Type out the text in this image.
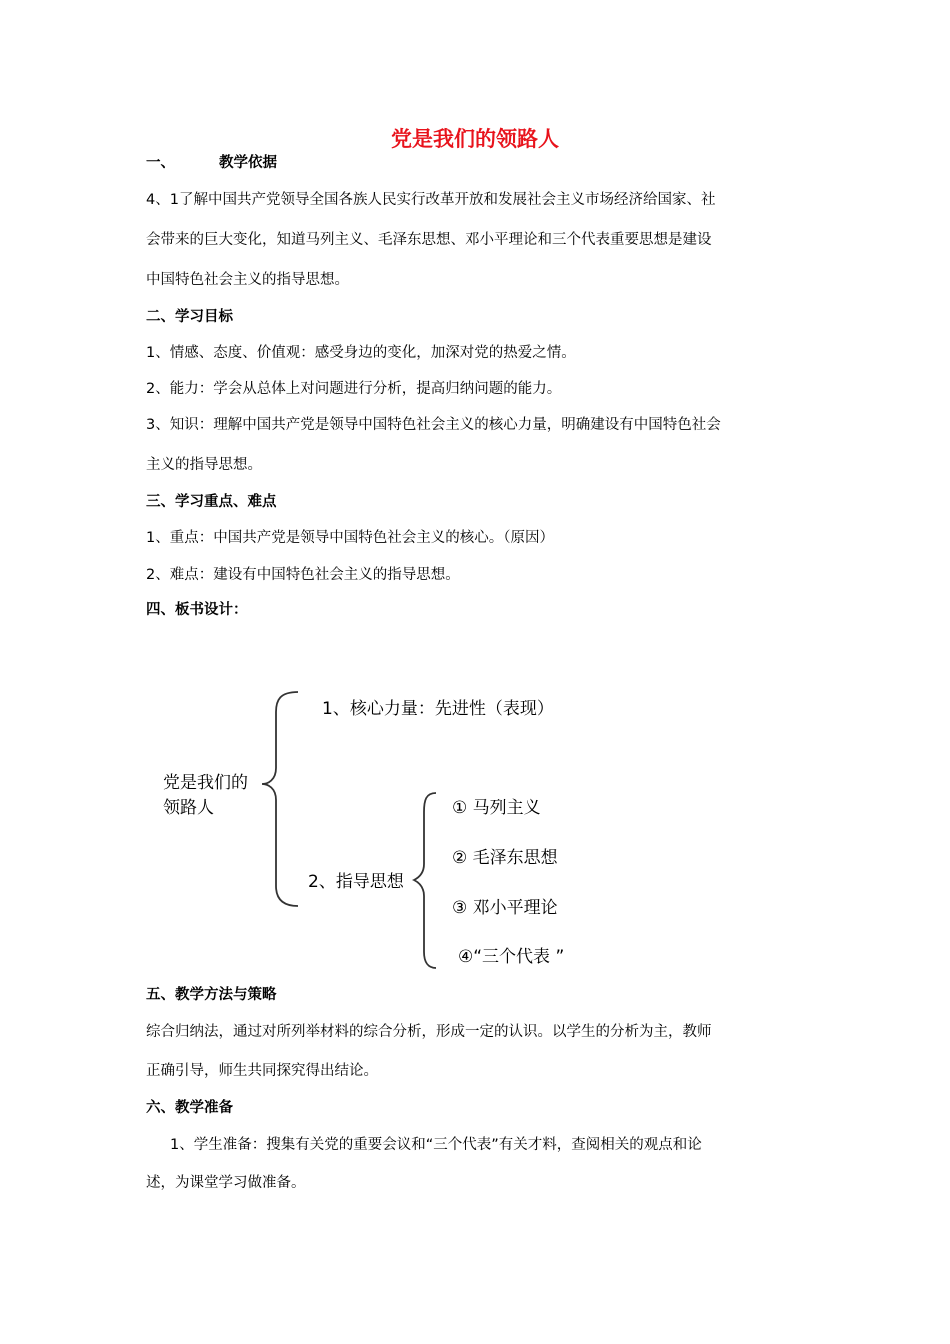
党是我们的领路人
一、	教学依据
4、1了解中国共产党领导全国各族人民实行改革开放和发展社会主义市场经济给国家、社
会带来的巨大变化，知道马列主义、毛泽东思想、邓小平理论和三个代表重要思想是建设
中国特色社会主义的指导思想。
二、学习目标
1、情感、态度、价值观：感受身边的变化，加深对党的热爱之情。
2、能力：学会从总体上对问题进行分析，提高归纳问题的能力。
3、知识：理解中国共产党是领导中国特色社会主义的核心力量，明确建设有中国特色社会
主义的指导思想。
三、学习重点、难点
1、重点：中国共产党是领导中国特色社会主义的核心。（原因）
2、难点：建设有中国特色社会主义的指导思想。
四、板书设计：
党是我们的
领路人
1、核心力量：先进性（表现）
2、指导思想
① 马列主义
② 毛泽东思想
③ 邓小平理论
④“三个代表 ”
五、教学方法与策略
综合归纳法，通过对所列举材料的综合分析，形成一定的认识。以学生的分析为主，教师
正确引导，师生共同探究得出结论。
六、教学准备
1、学生准备：搜集有关党的重要会议和“三个代表”有关才料，查阅相关的观点和论
述，为课堂学习做准备。
